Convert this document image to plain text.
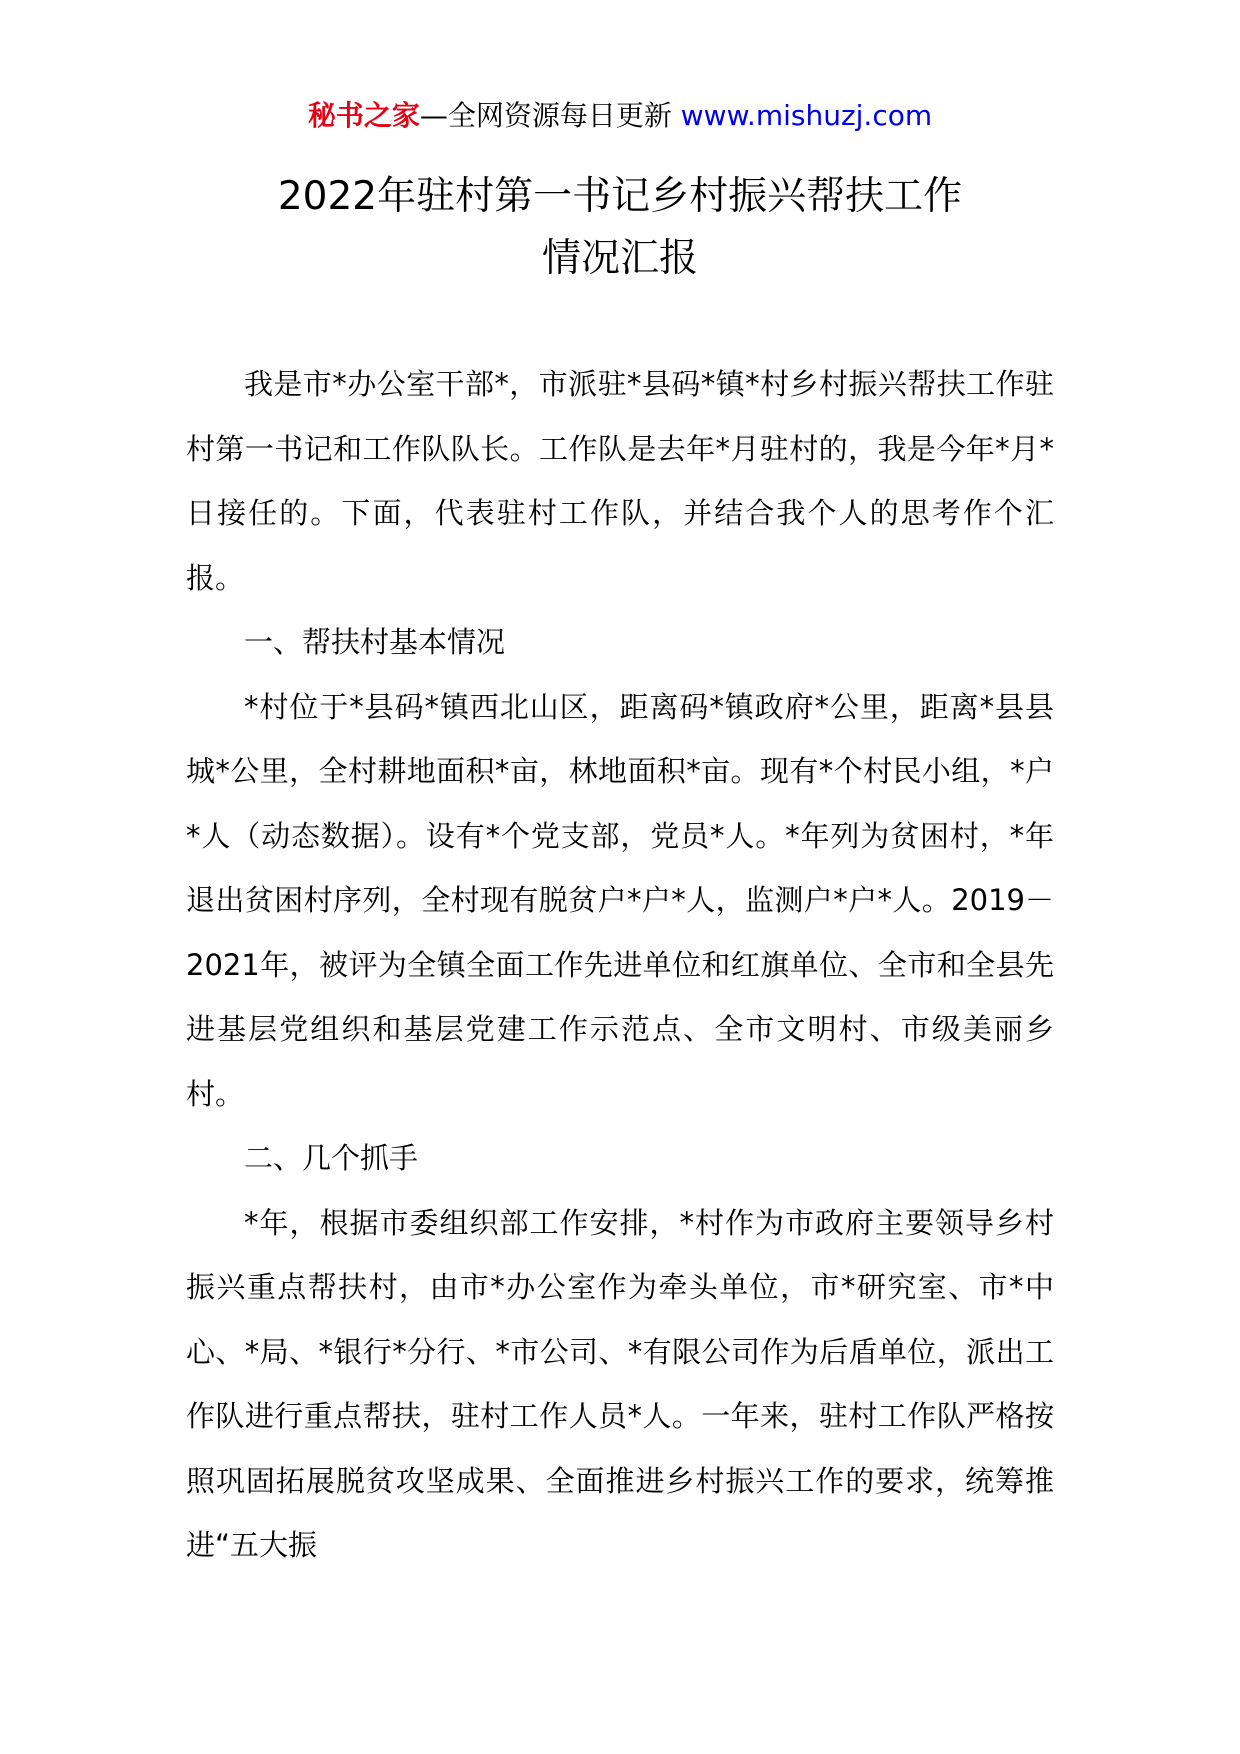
秘书之家—全网资源每日更新 www.mishuzj.com
2022年驻村第一书记乡村振兴帮扶工作
情况汇报

我是市*办公室干部*，市派驻*县码*镇*村乡村振兴帮扶工作驻村第一书记和工作队队长。工作队是去年*月驻村的，我是今年*月*日接任的。下面，代表驻村工作队，并结合我个人的思考作个汇报。

一、帮扶村基本情况

*村位于*县码*镇西北山区，距离码*镇政府*公里，距离*县县城*公里，全村耕地面积*亩，林地面积*亩。现有*个村民小组，*户*人（动态数据）。设有*个党支部，党员*人。*年列为贫困村，*年退出贫困村序列，全村现有脱贫户*户*人，监测户*户*人。2019－2021年，被评为全镇全面工作先进单位和红旗单位、全市和全县先进基层党组织和基层党建工作示范点、全市文明村、市级美丽乡村。

二、几个抓手

*年，根据市委组织部工作安排，*村作为市政府主要领导乡村振兴重点帮扶村，由市*办公室作为牵头单位，市*研究室、市*中心、*局、*银行*分行、*市公司、*有限公司作为后盾单位，派出工作队进行重点帮扶，驻村工作人员*人。一年来，驻村工作队严格按照巩固拓展脱贫攻坚成果、全面推进乡村振兴工作的要求，统筹推进“五大振
